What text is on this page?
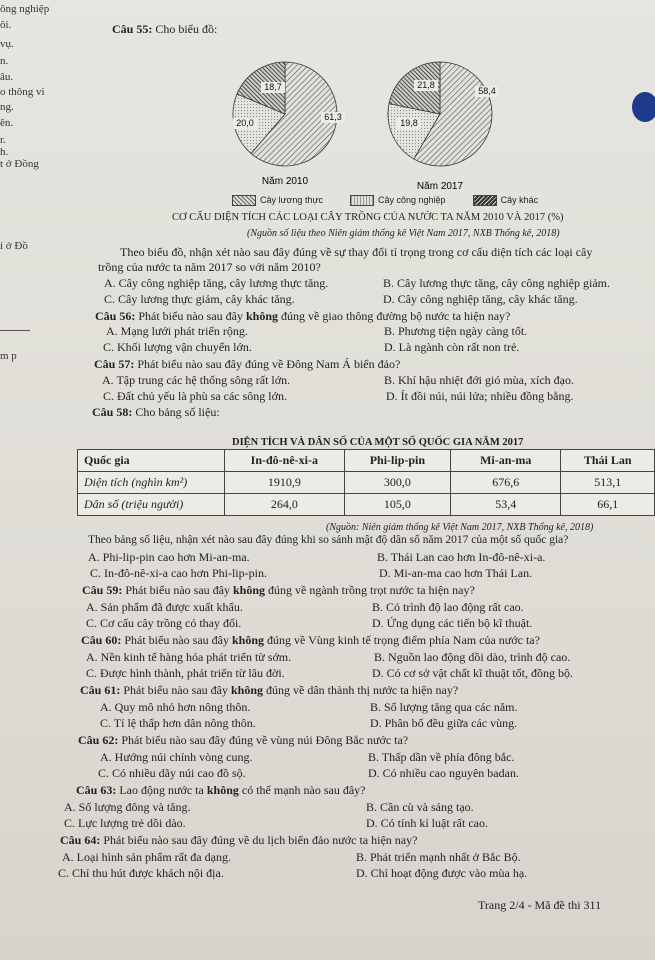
ông nghiệp
ôi.
vụ.
n.
âu.
o thông vi
ng.
ên.
r.
h.
t ở Đồng
í ở Đồ
m p
Câu 55: Cho biểu đồ:
61,3
20,0
18,7
Năm 2010
58,4
19,8
21,8
Năm 2017
Cây lương thực	Cây công nghiệp	Cây khác
CƠ CẤU DIỆN TÍCH CÁC LOẠI CÂY TRỒNG CỦA NƯỚC TA NĂM 2010 VÀ 2017 (%)
(Nguồn số liệu theo Niên giám thống kê Việt Nam 2017, NXB Thống kê, 2018)
Theo biểu đồ, nhận xét nào sau đây đúng về sự thay đổi tỉ trọng trong cơ cấu diện tích các loại cây
trồng của nước ta năm 2017 so với năm 2010?
A. Cây công nghiệp tăng, cây lương thực tăng.	B. Cây lương thực tăng, cây công nghiệp giảm.
C. Cây lương thực giảm, cây khác tăng.	D. Cây công nghiệp tăng, cây khác tăng.
Câu 56: Phát biểu nào sau đây không đúng về giao thông đường bộ nước ta hiện nay?
A. Mạng lưới phát triển rộng.	B. Phương tiện ngày càng tốt.
C. Khối lượng vận chuyển lớn.	D. Là ngành còn rất non trẻ.
Câu 57: Phát biểu nào sau đây đúng về Đông Nam Á biển đảo?
A. Tập trung các hệ thống sông rất lớn.	B. Khí hậu nhiệt đới gió mùa, xích đạo.
C. Đất chủ yếu là phù sa các sông lớn.	D. Ít đồi núi, núi lửa; nhiều đồng bằng.
Câu 58: Cho bảng số liệu:
DIỆN TÍCH VÀ DÂN SỐ CỦA MỘT SỐ QUỐC GIA NĂM 2017
Quốc gia	In-đô-nê-xi-a	Phi-lip-pin	Mi-an-ma	Thái Lan
Diện tích (nghìn km²)	1910,9	300,0	676,6	513,1
Dân số (triệu người)	264,0	105,0	53,4	66,1
(Nguồn: Niên giám thống kê Việt Nam 2017, NXB Thống kê, 2018)
Theo bảng số liệu, nhận xét nào sau đây đúng khi so sánh mật độ dân số năm 2017 của một số quốc gia?
A. Phi-lip-pin cao hơn Mi-an-ma.	B. Thái Lan cao hơn In-đô-nê-xi-a.
C. In-đô-nê-xi-a cao hơn Phi-lip-pin.	D. Mi-an-ma cao hơn Thái Lan.
Câu 59: Phát biểu nào sau đây không đúng về ngành trồng trọt nước ta hiện nay?
A. Sản phẩm đã được xuất khẩu.	B. Có trình độ lao động rất cao.
C. Cơ cấu cây trồng có thay đổi.	D. Ứng dụng các tiến bộ kĩ thuật.
Câu 60: Phát biểu nào sau đây không đúng về Vùng kinh tế trọng điểm phía Nam của nước ta?
A. Nền kinh tế hàng hóa phát triển từ sớm.	B. Nguồn lao động dồi dào, trình độ cao.
C. Được hình thành, phát triển từ lâu đời.	D. Có cơ sở vật chất kĩ thuật tốt, đồng bộ.
Câu 61: Phát biểu nào sau đây không đúng về dân thành thị nước ta hiện nay?
A. Quy mô nhỏ hơn nông thôn.	B. Số lượng tăng qua các năm.
C. Tỉ lệ thấp hơn dân nông thôn.	D. Phân bố đều giữa các vùng.
Câu 62: Phát biểu nào sau đây đúng về vùng núi Đông Bắc nước ta?
A. Hướng núi chính vòng cung.	B. Thấp dần về phía đông bắc.
C. Có nhiều dãy núi cao đồ sộ.	D. Có nhiều cao nguyên badan.
Câu 63: Lao động nước ta không có thế mạnh nào sau đây?
A. Số lượng đông và tăng.	B. Cần cù và sáng tạo.
C. Lực lượng trẻ dồi dào.	D. Có tính kỉ luật rất cao.
Câu 64: Phát biểu nào sau đây đúng về du lịch biển đảo nước ta hiện nay?
A. Loại hình sản phẩm rất đa dạng.	B. Phát triển mạnh nhất ở Bắc Bộ.
C. Chỉ thu hút được khách nội địa.	D. Chỉ hoạt động được vào mùa hạ.
Trang 2/4 - Mã đề thi 311
